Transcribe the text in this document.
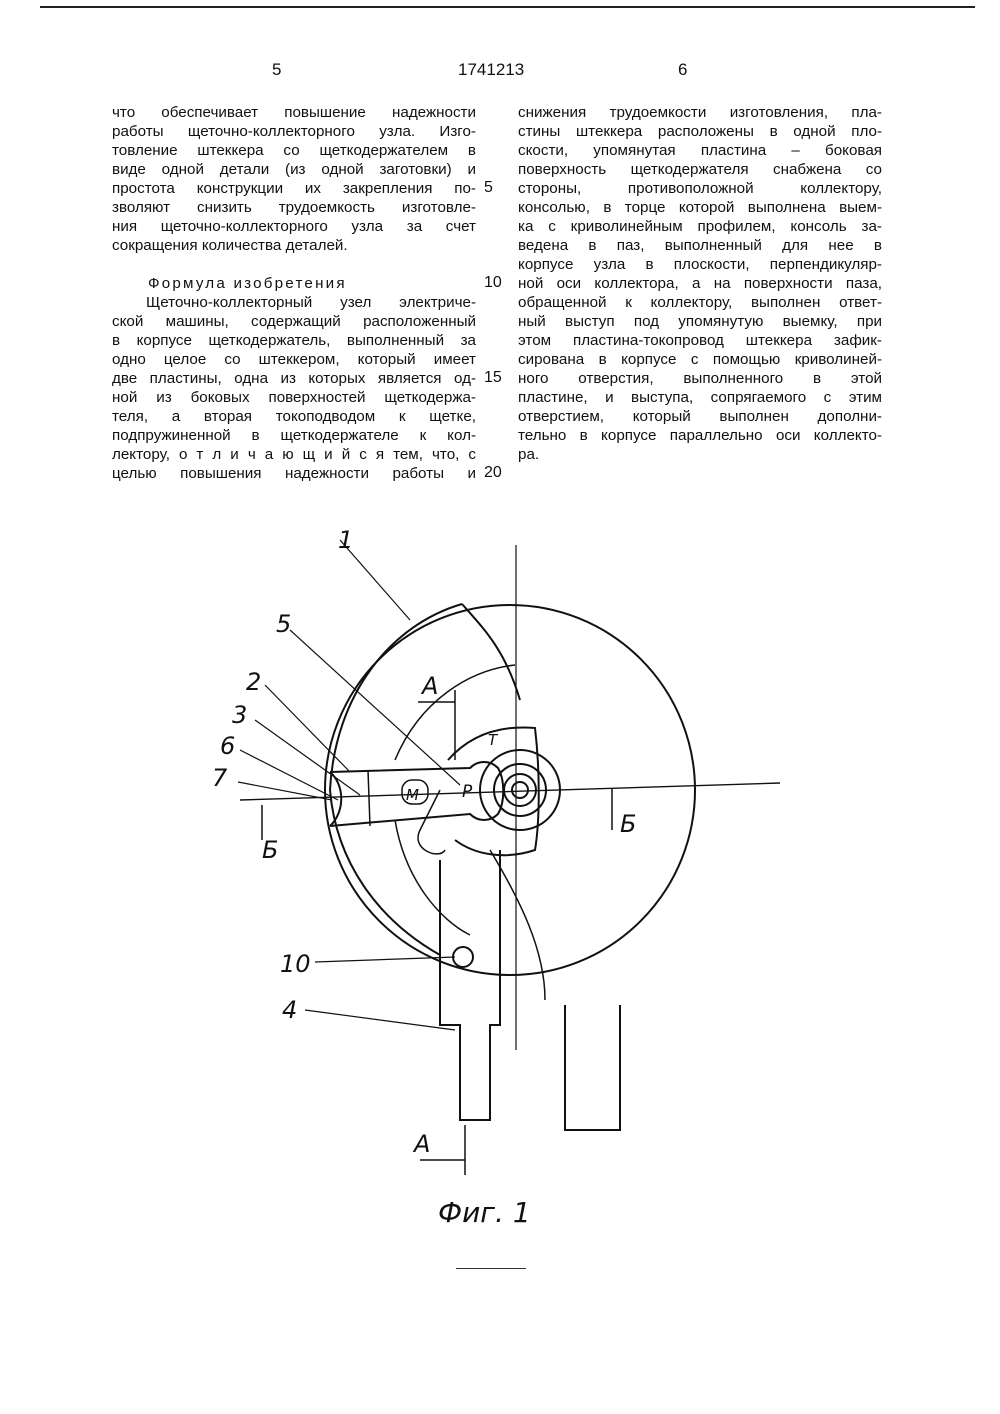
5	1741213	6

что обеспечивает повышение надежности

работы щеточно-коллекторного узла. Изго-

товление штеккера со щеткодержателем в

виде одной детали (из одной заготовки) и

простота конструкции их закрепления по-

зволяют снизить трудоемкость изготовле-

ния щеточно-коллекторного узла за счет

сокращения количества деталей.

Формула изобретения

Щеточно-коллекторный узел электриче-

ской машины, содержащий расположенный

в корпусе щеткодержатель, выполненный за

одно целое со штеккером, который имеет

две пластины, одна из которых является од-

ной из боковых поверхностей щеткодержа-

теля, а вторая токоподводом к щетке,

подпружиненной в щеткодержателе к кол-

лектору, о т л и ч а ю щ и й с я тем, что, с

целью повышения надежности работы и

снижения трудоемкости изготовления, пла-

стины штеккера расположены в одной пло-

скости, упомянутая пластина – боковая

поверхность щеткодержателя снабжена со

стороны, противоположной коллектору,

консолью, в торце которой выполнена выем-

ка с криволинейным профилем, консоль за-

ведена в паз, выполненный для нее в

корпусе узла в плоскости, перпендикуляр-

ной оси коллектора, а на поверхности паза,

обращенной к коллектору, выполнен ответ-

ный выступ под упомянутую выемку, при

этом пластина-токопровод штеккера зафик-

сирована в корпусе с помощью криволиней-

ного отверстия, выполненного в этой

пластине, и выступа, сопрягаемого с этим

отверстием, который выполнен дополни-

тельно в корпусе параллельно оси коллекто-

ра.

5
10
15
20
1
5
2
3
6
7
10
4
А
А
Б
Б
М	Р
Т
Фиг. 1
